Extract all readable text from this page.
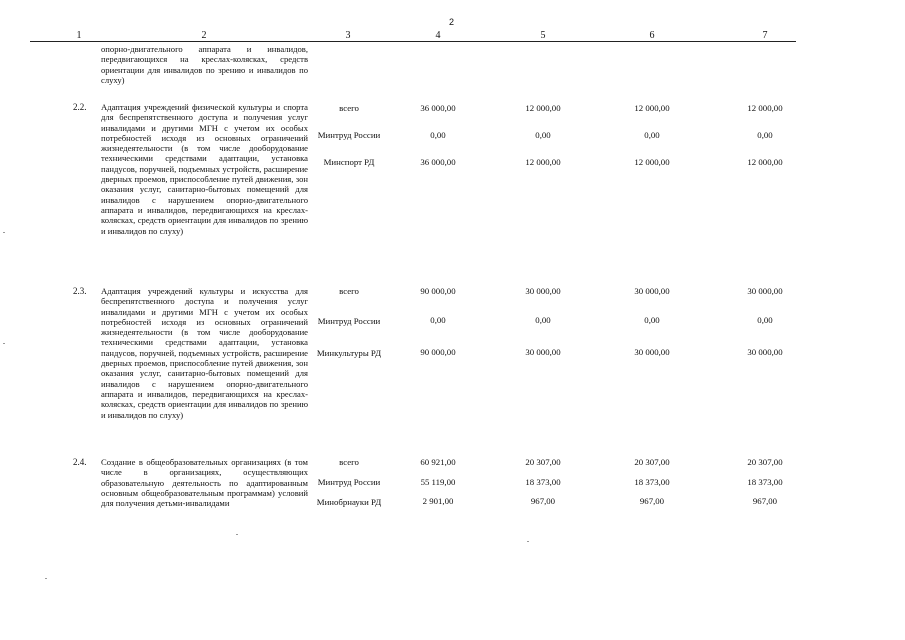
2
1	2	3	4	5	6	7
опорно-двигательного аппарата и инвалидов, передвигающихся на креслах-колясках, средств ориентации для инвалидов по зрению и инвалидов по слуху)
2.2. Адаптация учреждений физической культуры и спорта для беспрепятственного доступа и получения услуг инвалидами и другими МГН с учетом их особых потребностей исходя из основных ограничений жизнедеятельности (в том числе дооборудование техническими средствами адаптации, установка пандусов, поручней, подъемных устройств, расширение дверных проемов, приспособление путей движения, зон оказания услуг, санитарно-бытовых помещений для инвалидов с нарушением опорно-двигательного аппарата и инвалидов, передвигающихся на креслах-колясках, средств ориентации для инвалидов по зрению и инвалидов по слуху)
всего	36 000,00	12 000,00	12 000,00	12 000,00
Минтруд России	0,00	0,00	0,00	0,00
Минспорт РД	36 000,00	12 000,00	12 000,00	12 000,00
2.3. Адаптация учреждений культуры и искусства для беспрепятственного доступа и получения услуг инвалидами и другими МГН с учетом их особых потребностей исходя из основных ограничений жизнедеятельности (в том числе дооборудование техническими средствами адаптации, установка пандусов, поручней, подъемных устройств, расширение дверных проемов, приспособление путей движения, зон оказания услуг, санитарно-бытовых помещений для инвалидов с нарушением опорно-двигательного аппарата и инвалидов, передвигающихся на креслах-колясках, средств ориентации для инвалидов по зрению и инвалидов по слуху)
всего	90 000,00	30 000,00	30 000,00	30 000,00
Минтруд России	0,00	0,00	0,00	0,00
Минкультуры РД	90 000,00	30 000,00	30 000,00	30 000,00
2.4. Создание в общеобразовательных организациях (в том числе в организациях, осуществляющих образовательную деятельность по адаптированным основным общеобразовательным программам) условий для получения детьми-инвалидами
всего	60 921,00	20 307,00	20 307,00	20 307,00
Минтруд России	55 119,00	18 373,00	18 373,00	18 373,00
Минобрнауки РД	2 901,00	967,00	967,00	967,00
